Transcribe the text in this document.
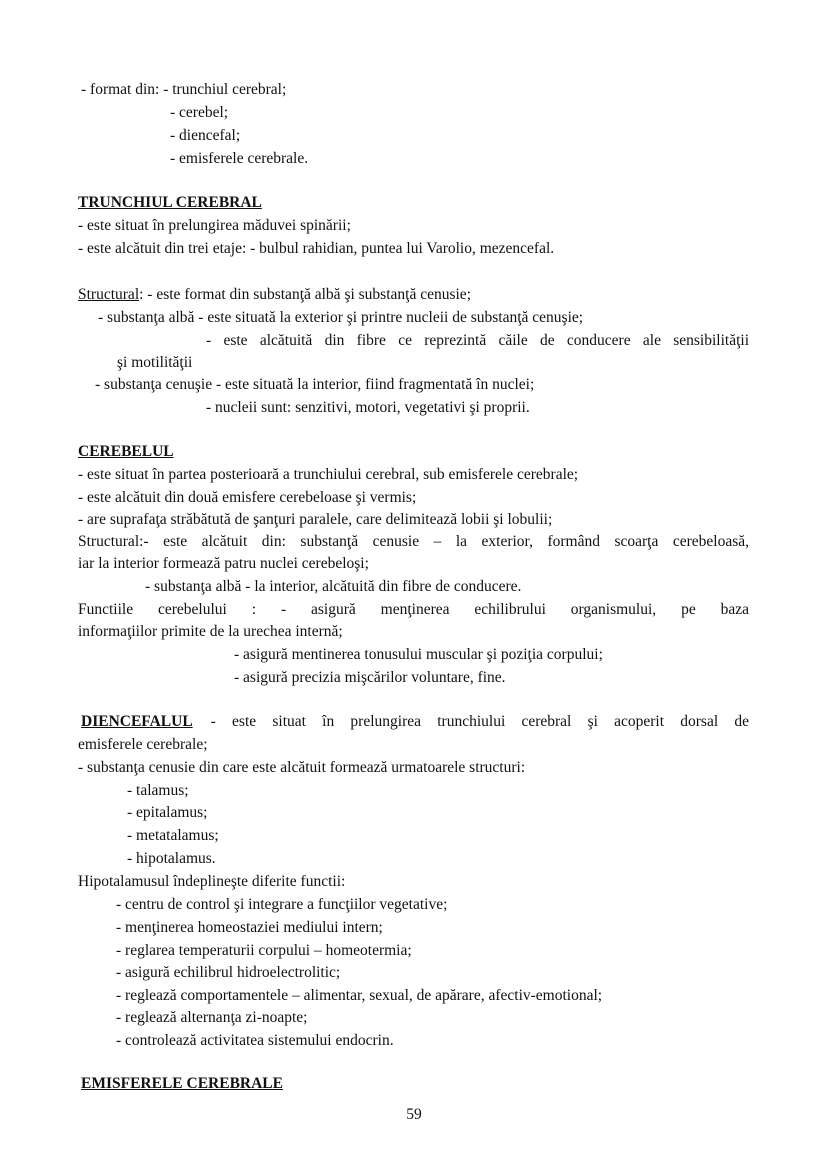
- format din: - trunchiul cerebral;
- cerebel;
- diencefal;
- emisferele cerebrale.
TRUNCHIUL CEREBRAL
- este situat în prelungirea măduvei spinării;
- este alcătuit din trei etaje: - bulbul rahidian, puntea lui Varolio, mezencefal.
Structural: - este format din substanţă albă şi substanţă cenusie;
- substanţa albă - este situată la exterior şi printre nucleii de substanţă cenuşie;
- este alcătuită din fibre ce reprezintă căile de conducere ale sensibilităţii
şi motilităţii
- substanţa cenuşie - este situată la interior, fiind fragmentată în nuclei;
- nucleii sunt: senzitivi, motori, vegetativi şi proprii.
CEREBELUL
- este situat în partea posterioară a trunchiului cerebral, sub emisferele cerebrale;
- este alcătuit din două emisfere cerebeloase şi vermis;
- are suprafaţa străbătută de şanţuri paralele, care delimitează lobii şi lobulii;
Structural:- este alcătuit din: substanţă cenusie – la exterior, formând scoarţa cerebeloasă,
iar la interior formează patru nuclei cerebeloşi;
- substanţa albă - la interior, alcătuită din fibre de conducere.
Functiile cerebelului : - asigură menţinerea echilibrului organismului, pe baza
informaţiilor primite de la urechea internă;
- asigură mentinerea tonusului muscular şi poziţia corpului;
- asigură precizia mişcărilor voluntare, fine.
DIENCEFALUL	- este situat în prelungirea trunchiului cerebral şi acoperit dorsal de
emisferele cerebrale;
- substanţa cenusie din care este alcătuit formează urmatoarele structuri:
- talamus;
- epitalamus;
- metatalamus;
- hipotalamus.
Hipotalamusul îndeplineşte diferite functii:
- centru de control şi integrare a funcţiilor vegetative;
- menţinerea homeostaziei mediului intern;
- reglarea temperaturii corpului – homeotermia;
- asigură echilibrul hidroelectrolitic;
- reglează comportamentele – alimentar, sexual, de apărare, afectiv-emotional;
- reglează alternanţa zi-noapte;
- controlează activitatea sistemului endocrin.
EMISFERELE CEREBRALE
59
